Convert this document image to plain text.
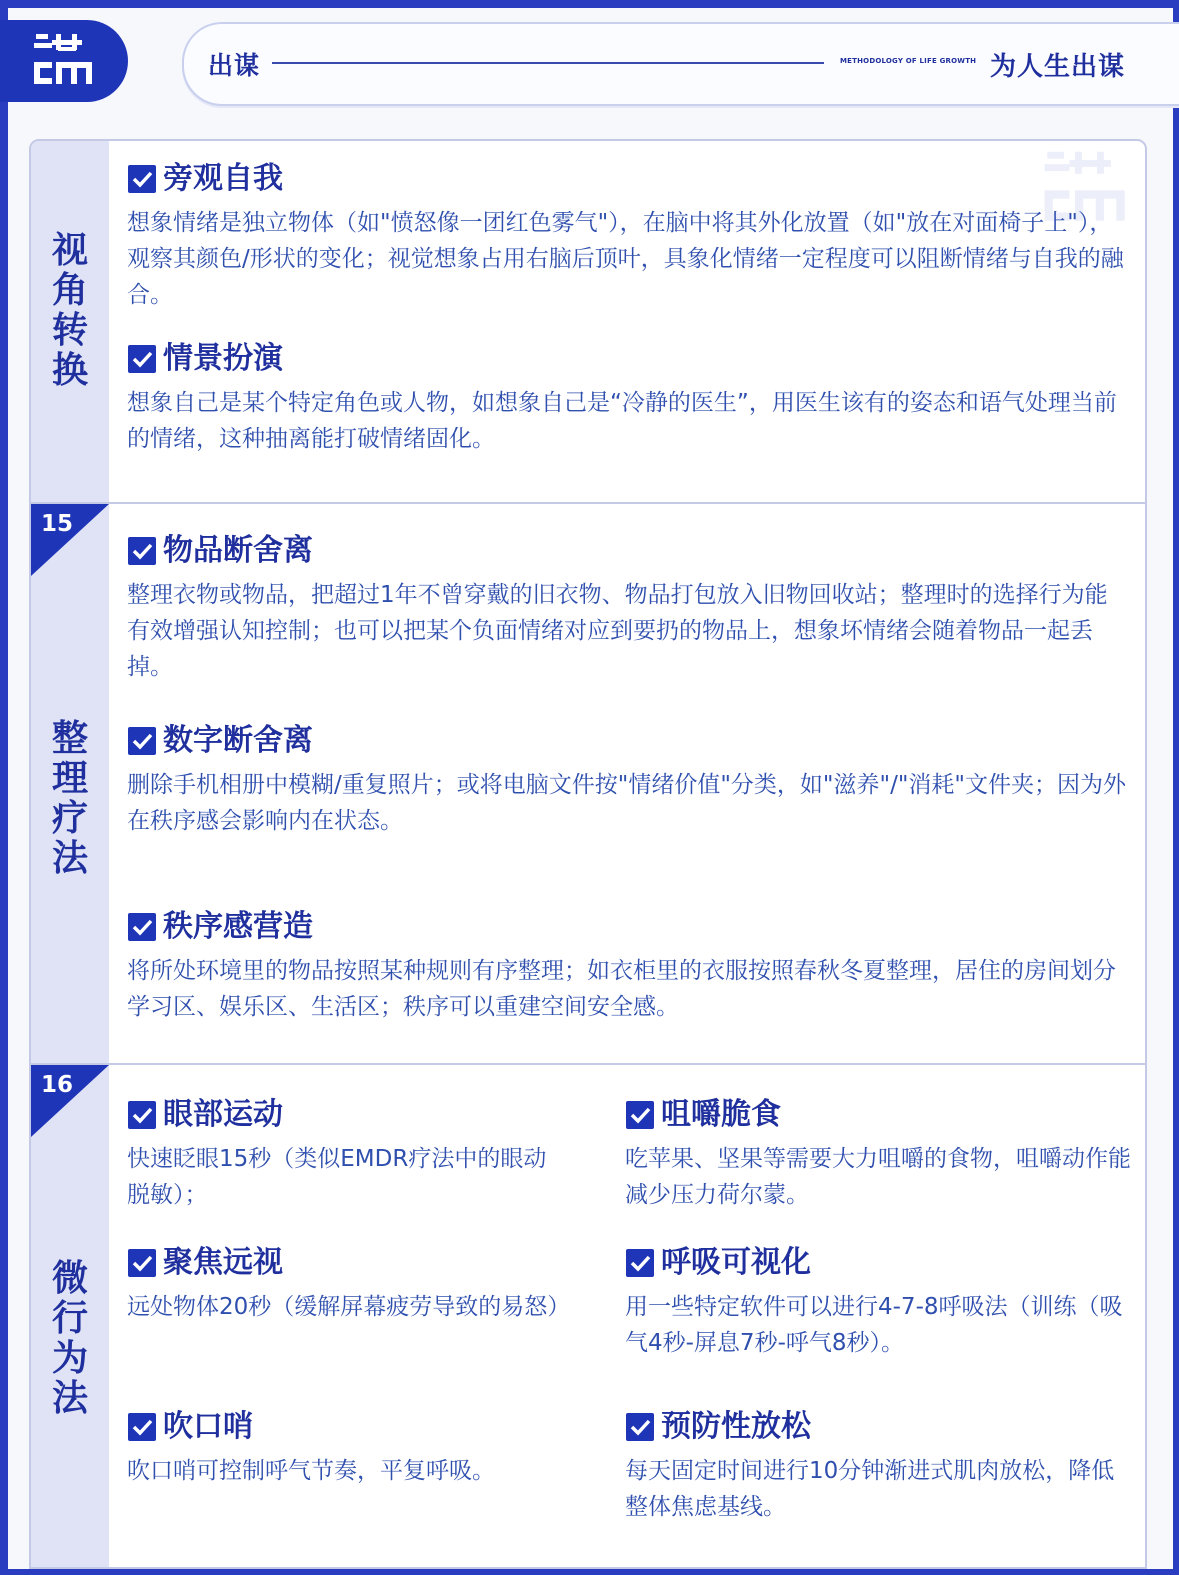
出谋	METHODOLOGY OF LIFE GROWTH 为人生出谋
视
角
转
换
旁观自我
想象情绪是独立物体（如"愤怒像一团红色雾气"），在脑中将其外化放置（如"放在对面椅子上"），观察其颜色/形状的变化；视觉想象占用右脑后顶叶，具象化情绪一定程度可以阻断情绪与自我的融合。
情景扮演
想象自己是某个特定角色或人物，如想象自己是“冷静的医生”，用医生该有的姿态和语气处理当前的情绪，这种抽离能打破情绪固化。
15
整
理
疗
法
物品断舍离
整理衣物或物品，把超过1年不曾穿戴的旧衣物、物品打包放入旧物回收站；整理时的选择行为能有效增强认知控制；也可以把某个负面情绪对应到要扔的物品上，想象坏情绪会随着物品一起丢掉。
数字断舍离
删除手机相册中模糊/重复照片；或将电脑文件按"情绪价值"分类，如"滋养"/"消耗"文件夹；因为外在秩序感会影响内在状态。
秩序感营造
将所处环境里的物品按照某种规则有序整理；如衣柜里的衣服按照春秋冬夏整理，居住的房间划分学习区、娱乐区、生活区；秩序可以重建空间安全感。
16
微
行
为
法
眼部运动
快速眨眼15秒（类似EMDR疗法中的眼动脱敏）；
咀嚼脆食
吃苹果、坚果等需要大力咀嚼的食物，咀嚼动作能减少压力荷尔蒙。
聚焦远视
远处物体20秒（缓解屏幕疲劳导致的易怒）
呼吸可视化
用一些特定软件可以进行4-7-8呼吸法（训练（吸气4秒-屏息7秒-呼气8秒）。
吹口哨
吹口哨可控制呼气节奏，平复呼吸。
预防性放松
每天固定时间进行10分钟渐进式肌肉放松，降低整体焦虑基线。
